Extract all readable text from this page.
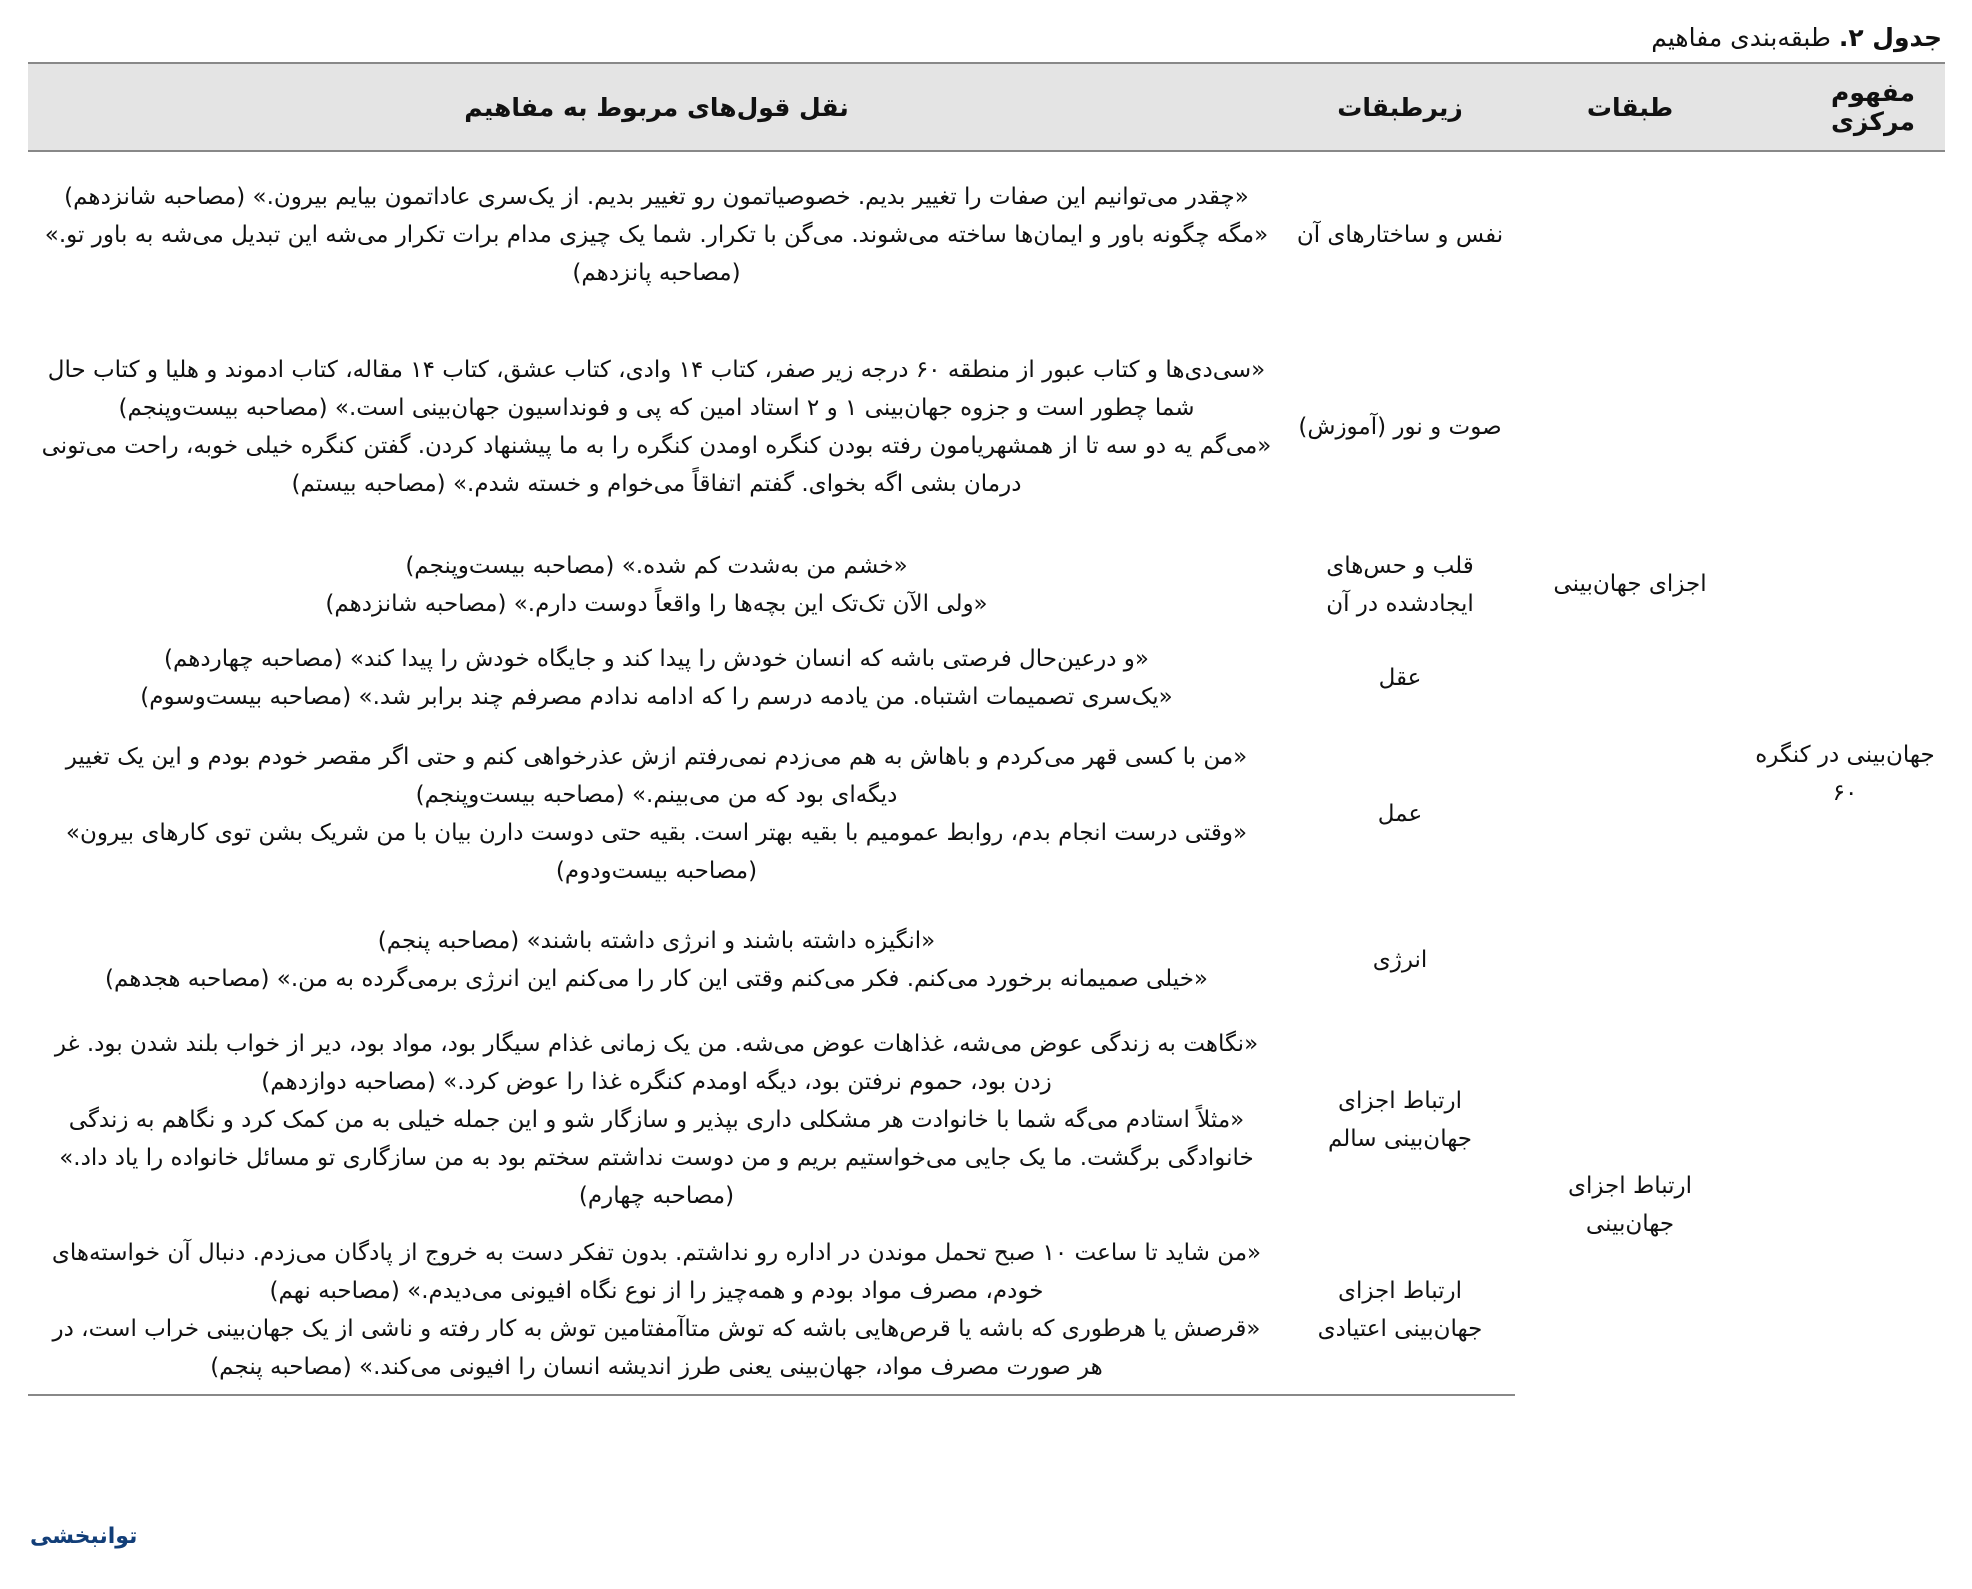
جدول ۲. طبقه‌بندی مفاهیم
مفهوم مرکزی	طبقات	زیرطبقات	نقل قول‌های مربوط به مفاهیم
جهان‌بینی در کنگره ۶۰	اجزای جهان‌بینی	نفس و ساختارهای آن	«چقدر می‌توانیم این صفات را تغییر بدیم. خصوصیاتمون رو تغییر بدیم. از یک‌سری عاداتمون بیایم بیرون.» (مصاحبه شانزدهم)
«مگه چگونه باور و ایمان‌ها ساخته می‌شوند. می‌گن با تکرار. شما یک چیزی مدام برات تکرار می‌شه این تبدیل می‌شه به باور تو.» (مصاحبه پانزدهم)

		صوت و نور (آموزش)	«سی‌دی‌ها و کتاب عبور از منطقه ۶۰ درجه زیر صفر، کتاب ۱۴ وادی، کتاب عشق، کتاب ۱۴ مقاله، کتاب ادموند و هلیا و کتاب حال شما چطور است و جزوه جهان‌بینی ۱ و ۲ استاد امین که پی و فونداسیون جهان‌بینی است.» (مصاحبه بیست‌وپنجم)
«می‌گم یه دو سه تا از همشهریامون رفته بودن کنگره اومدن کنگره را به ما پیشنهاد کردن. گفتن کنگره خیلی خوبه، راحت می‌تونی درمان بشی اگه بخوای. گفتم اتفاقاً می‌خوام و خسته شدم.» (مصاحبه بیستم)

		قلب و حس‌های ایجادشده در آن	«خشم من به‌شدت کم شده.» (مصاحبه بیست‌وپنجم)
«ولی الآن تک‌تک این بچه‌ها را واقعاً دوست دارم.» (مصاحبه شانزدهم)

		عقل	«و درعین‌حال فرصتی باشه که انسان خودش را پیدا کند و جایگاه خودش را پیدا کند» (مصاحبه چهاردهم)
«یک‌سری تصمیمات اشتباه. من یادمه درسم را که ادامه ندادم مصرفم چند برابر شد.» (مصاحبه بیست‌وسوم)

		عمل	«من با کسی قهر می‌کردم و باهاش به هم می‌زدم نمی‌رفتم ازش عذرخواهی کنم و حتی اگر مقصر خودم بودم و این یک تغییر دیگه‌ای بود که من می‌بینم.» (مصاحبه بیست‌وپنجم)
«وقتی درست انجام بدم، روابط عمومیم با بقیه بهتر است. بقیه حتی دوست دارن بیان با من شریک بشن توی کارهای بیرون» (مصاحبه بیست‌ودوم)

		انرژی	«انگیزه داشته باشند و انرژی داشته باشند» (مصاحبه پنجم)
«خیلی صمیمانه برخورد می‌کنم. فکر می‌کنم وقتی این کار را می‌کنم این انرژی برمی‌گرده به من.» (مصاحبه هجدهم)

	ارتباط اجزای جهان‌بینی	ارتباط اجزای جهان‌بینی سالم	«نگاهت به زندگی عوض می‌شه، غذاهات عوض می‌شه. من یک زمانی غذام سیگار بود، مواد بود، دیر از خواب بلند شدن بود. غر زدن بود، حموم نرفتن بود، دیگه اومدم کنگره غذا را عوض کرد.» (مصاحبه دوازدهم)
«مثلاً استادم می‌گه شما با خانوادت هر مشکلی داری بپذیر و سازگار شو و این جمله خیلی به من کمک کرد و نگاهم به زندگی خانوادگی برگشت. ما یک جایی می‌خواستیم بریم و من دوست نداشتم سختم بود به من سازگاری تو مسائل خانواده را یاد داد.» (مصاحبه چهارم)

		ارتباط اجزای جهان‌بینی اعتیادی	«من شاید تا ساعت ۱۰ صبح تحمل موندن در اداره رو نداشتم. بدون تفکر دست به خروج از پادگان می‌زدم. دنبال آن خواسته‌های خودم، مصرف مواد بودم و همه‌چیز را از نوع نگاه افیونی می‌دیدم.» (مصاحبه نهم)
«قرصش یا هرطوری که باشه یا قرص‌هایی باشه که توش متاآمفتامین توش به کار رفته و ناشی از یک جهان‌بینی خراب است، در هر صورت مصرف مواد، جهان‌بینی یعنی طرز اندیشه انسان را افیونی می‌کند.» (مصاحبه پنجم)
توانبخشی
